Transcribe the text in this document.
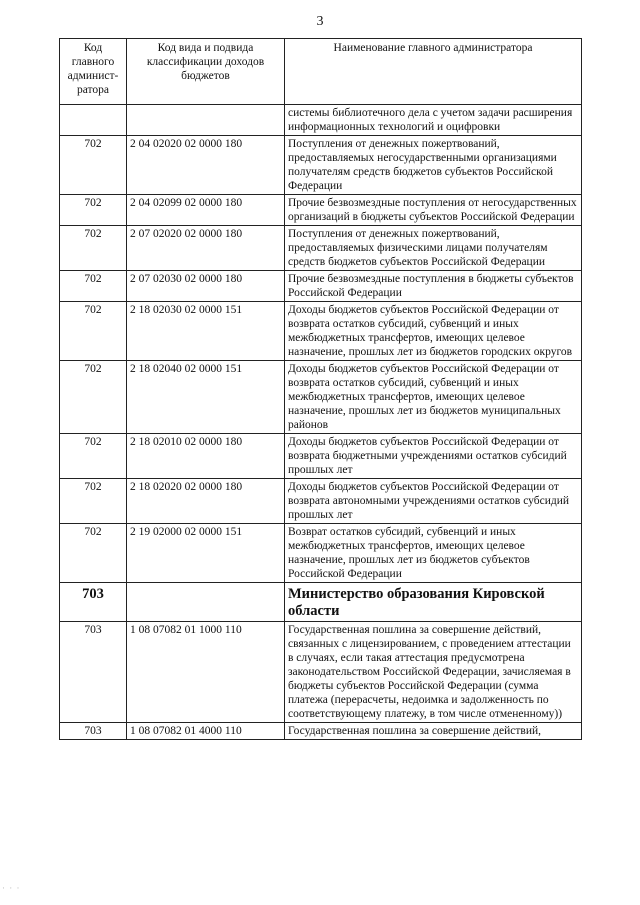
3
Код главного админист-ратора	Код вида и подвида классификации доходов бюджетов	Наименование главного администратора
		системы библиотечного дела с учетом задачи расширения информационных технологий и оцифровки
702	2 04 02020 02 0000 180	Поступления от денежных пожертвований, предоставляемых негосударственными организациями получателям средств бюджетов субъектов Российской Федерации
702	2 04 02099 02 0000 180	Прочие безвозмездные поступления от негосударственных организаций в бюджеты субъектов Российской Федерации
702	2 07 02020 02 0000 180	Поступления от денежных пожертвований, предоставляемых физическими лицами получателям средств бюджетов субъектов Российской Федерации
702	2 07 02030 02 0000 180	Прочие безвозмездные поступления в бюджеты субъектов Российской Федерации
702	2 18 02030 02 0000 151	Доходы бюджетов субъектов Российской Федерации от возврата остатков субсидий, субвенций и иных межбюджетных трансфертов, имеющих целевое назначение, прошлых лет из бюджетов городских округов
702	2 18 02040 02 0000 151	Доходы бюджетов субъектов Российской Федерации от возврата остатков субсидий, субвенций и иных межбюджетных трансфертов, имеющих целевое назначение, прошлых лет из бюджетов муниципальных районов
702	2 18 02010 02 0000 180	Доходы бюджетов субъектов Российской Федерации от возврата бюджетными учреждениями остатков субсидий прошлых лет
702	2 18 02020 02 0000 180	Доходы бюджетов субъектов Российской Федерации от возврата автономными учреждениями остатков субсидий прошлых лет
702	2 19 02000 02 0000 151	Возврат остатков субсидий, субвенций и иных межбюджетных трансфертов, имеющих целевое назначение, прошлых лет из бюджетов субъектов Российской Федерации
703		Министерство образования Кировской области
703	1 08 07082 01 1000 110	Государственная пошлина за совершение действий, связанных с лицензированием, с проведением аттестации в случаях, если такая аттестация предусмотрена законодательством Российской Федерации, зачисляемая в бюджеты субъектов Российской Федерации (сумма платежа (перерасчеты, недоимка и задолженность по соответствующему платежу, в том числе отмененному))
703	1 08 07082 01 4000 110	Государственная пошлина за совершение действий,
· · ·
